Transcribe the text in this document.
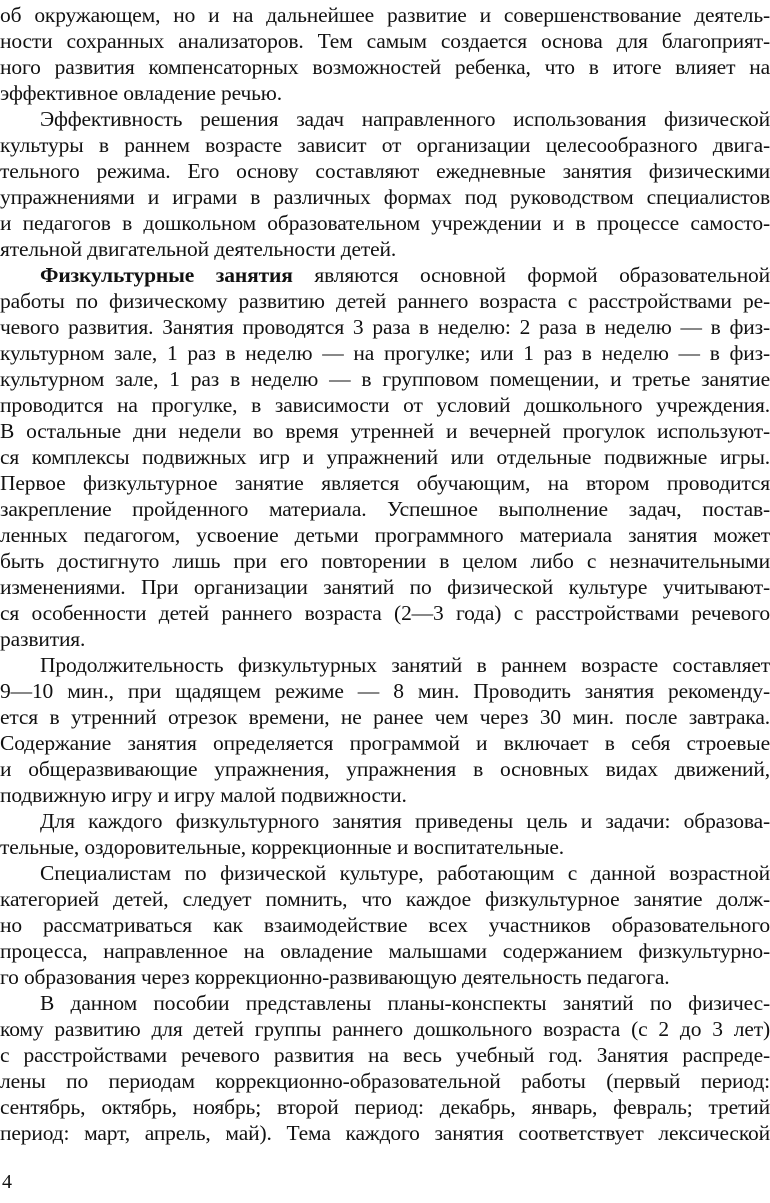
об окружающем, но и на дальнейшее развитие и совершенствование деятель-
ности сохранных анализаторов. Тем самым создается основа для благоприят-
ного развития компенсаторных возможностей ребенка, что в итоге влияет на
эффективное овладение речью.
Эффективность решения задач направленного использования физической
культуры в раннем возрасте зависит от организации целесообразного двига-
тельного режима. Его основу составляют ежедневные занятия физическими
упражнениями и играми в различных формах под руководством специалистов
и педагогов в дошкольном образовательном учреждении и в процессе самосто-
ятельной двигательной деятельности детей.
Физкультурные занятия являются основной формой образовательной
работы по физическому развитию детей раннего возраста с расстройствами ре-
чевого развития. Занятия проводятся 3 раза в неделю: 2 раза в неделю — в физ-
культурном зале, 1 раз в неделю — на прогулке; или 1 раз в неделю — в физ-
культурном зале, 1 раз в неделю — в групповом помещении, и третье занятие
проводится на прогулке, в зависимости от условий дошкольного учреждения.
В остальные дни недели во время утренней и вечерней прогулок используют-
ся комплексы подвижных игр и упражнений или отдельные подвижные игры.
Первое физкультурное занятие является обучающим, на втором проводится
закрепление пройденного материала. Успешное выполнение задач, постав-
ленных педагогом, усвоение детьми программного материала занятия может
быть достигнуто лишь при его повторении в целом либо с незначительными
изменениями. При организации занятий по физической культуре учитывают-
ся особенности детей раннего возраста (2—3 года) с расстройствами речевого
развития.
Продолжительность физкультурных занятий в раннем возрасте составляет
9—10 мин., при щадящем режиме — 8 мин. Проводить занятия рекоменду-
ется в утренний отрезок времени, не ранее чем через 30 мин. после завтрака.
Содержание занятия определяется программой и включает в себя строевые
и общеразвивающие упражнения, упражнения в основных видах движений,
подвижную игру и игру малой подвижности.
Для каждого физкультурного занятия приведены цель и задачи: образова-
тельные, оздоровительные, коррекционные и воспитательные.
Специалистам по физической культуре, работающим с данной возрастной
категорией детей, следует помнить, что каждое физкультурное занятие долж-
но рассматриваться как взаимодействие всех участников образовательного
процесса, направленное на овладение малышами содержанием физкультурно-
го образования через коррекционно-развивающую деятельность педагога.
В данном пособии представлены планы-конспекты занятий по физичес-
кому развитию для детей группы раннего дошкольного возраста (с 2 до 3 лет)
с расстройствами речевого развития на весь учебный год. Занятия распреде-
лены по периодам коррекционно-образовательной работы (первый период:
сентябрь, октябрь, ноябрь; второй период: декабрь, январь, февраль; третий
период: март, апрель, май). Тема каждого занятия соответствует лексической
4
